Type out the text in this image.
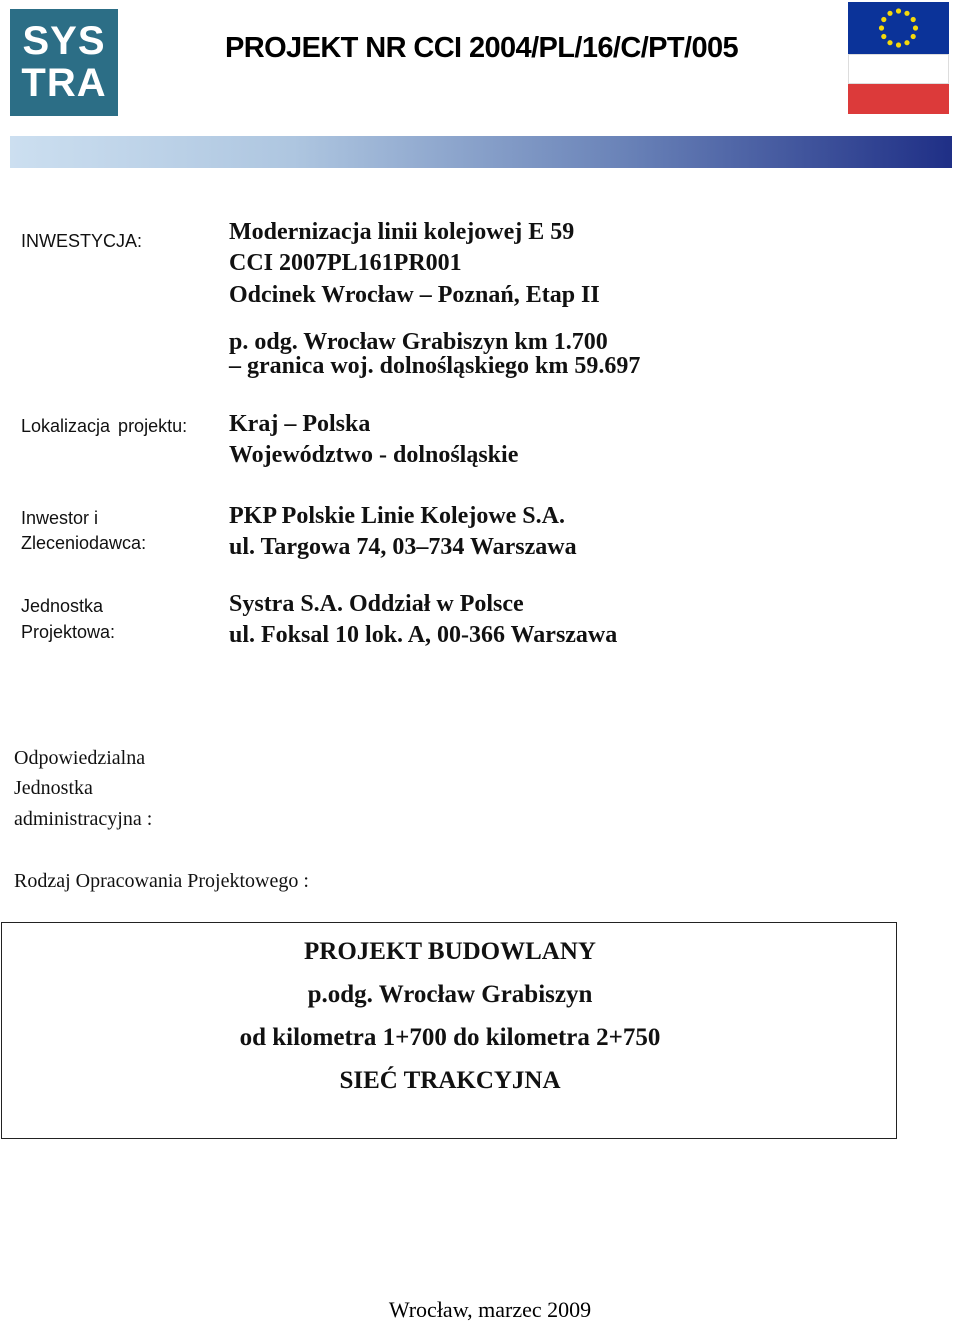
SYS
TRA
PROJEKT NR CCI 2004/PL/16/C/PT/005
INWESTYCJA:	Modernizacja linii kolejowej E 59
CCI 2007PL161PR001
Odcinek Wrocław – Poznań, Etap II
p. odg. Wrocław Grabiszyn km 1.700
– granica woj. dolnośląskiego km 59.697
Lokalizacja projektu: Kraj – Polska
Województwo - dolnośląskie
Inwestor i
Zleceniodawca:
PKP Polskie Linie Kolejowe S.A.
ul. Targowa 74, 03–734 Warszawa
Jednostka
Projektowa:
Systra S.A. Oddział w Polsce
ul. Foksal 10 lok. A, 00-366 Warszawa
Odpowiedzialna
Jednostka
administracyjna :
Rodzaj Opracowania Projektowego :
PROJEKT BUDOWLANY
p.odg. Wrocław Grabiszyn
od kilometra 1+700 do kilometra 2+750
SIEĆ TRAKCYJNA
Wrocław, marzec 2009
